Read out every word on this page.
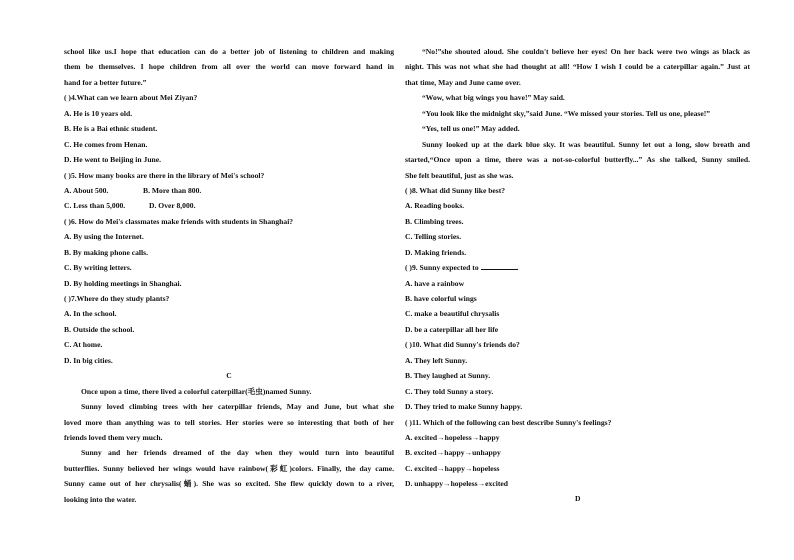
school like us.I hope that education can do a better job of listening to children and making
them be themselves. I hope children from all over the world can move forward hand in
hand for a better future.”
( )4.What can we learn about Mei Ziyan?
A. He is 10 years old.
B. He is a Bai ethnic student.
C. He comes from Henan.
D. He went to Beijing in June.
( )5. How many books are there in the library of Mei's school?
A. About 500.	B. More than 800.
C. Less than 5,000.	D. Over 8,000.
( )6. How do Mei's classmates make friends with students in Shanghai?
A. By using the Internet.
B. By making phone calls.
C. By writing letters.
D. By holding meetings in Shanghai.
( )7.Where do they study plants?
A. In the school.
B. Outside the school.
C. At home.
D. In big cities.
C
Once upon a time, there lived a colorful caterpillar(毛虫)named Sunny.
Sunny loved climbing trees with her caterpillar friends, May and June, but what she
loved more than anything was to tell stories. Her stories were so interesting that both of her
friends loved them very much.
Sunny and her friends dreamed of the day when they would turn into beautiful
butterflies. Sunny believed her wings would have rainbow(彩虹)colors. Finally, the day came.
Sunny came out of her chrysalis(蛹). She was so excited. She flew quickly down to a river,
looking into the water.
“No!”she shouted aloud. She couldn't believe her eyes! On her back were two wings as black as
night. This was not what she had thought at all! “How I wish I could be a caterpillar again.” Just at
that time, May and June came over.
“Wow, what big wings you have!” May said.
“You look like the midnight sky,”said June. “We missed your stories. Tell us one, please!”
“Yes, tell us one!” May added.
Sunny looked up at the dark blue sky. It was beautiful. Sunny let out a long, slow breath and
started,“Once upon a time, there was a not-so-colorful butterfly...” As she talked, Sunny smiled.
She felt beautiful, just as she was.
( )8. What did Sunny like best?
A. Reading books.
B. Climbing trees.
C. Telling stories.
D. Making friends.
( )9. Sunny expected to	.
A. have a rainbow
B. have colorful wings
C. make a beautiful chrysalis
D. be a caterpillar all her life
( )10. What did Sunny's friends do?
A. They left Sunny.
B. They laughed at Sunny.
C. They told Sunny a story.
D. They tried to make Sunny happy.
( )11. Which of the following can best describe Sunny's feelings?
A. excited→hopeless→happy
B. excited→happy→unhappy
C. excited→happy→hopeless
D. unhappy→hopeless→excited
D
